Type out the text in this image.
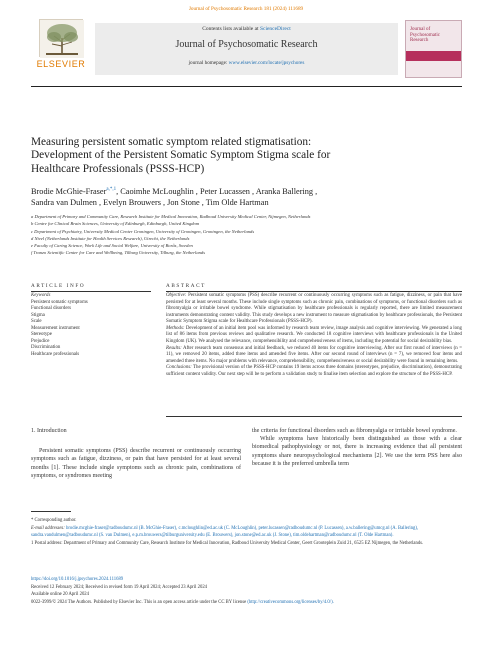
Journal of Psychosomatic Research 181 (2024) 111689
ELSEVIER
Contents lists available at ScienceDirect
Journal of Psychosomatic Research
journal homepage: www.elsevier.com/locate/jpsychores
Journal of Psychosomatic Research
Measuring persistent somatic symptom related stigmatisation:
Development of the Persistent Somatic Symptom Stigma scale for
Healthcare Professionals (PSSS-HCP)
Brodie McGhie-Fraser$^{a,*,1}$, Caoimhe McLoughlin , Peter Lucassen , Aranka Ballering ,
Sandra van Dulmen , Evelyn Brouwers , Jon Stone , Tim Olde Hartman
a Department of Primary and Community Care, Research Institute for Medical Innovation, Radboud University Medical Center, Nijmegen, Netherlands
b Centre for Clinical Brain Sciences, University of Edinburgh, Edinburgh, United Kingdom
c Department of Psychiatry, University Medical Center Groningen, University of Groningen, Groningen, the Netherlands
d Nivel (Netherlands Institute for Health Services Research), Utrecht, the Netherlands
e Faculty of Caring Science, Work Life and Social Welfare, University of Borås, Sweden
f Tranzo Scientific Center for Care and Wellbeing, Tilburg University, Tilburg, the Netherlands
ARTICLE INFO	ABSTRACT
Keywords
Persistent somatic symptoms
Functional disorders
Stigma
Scale
Measurement instrument
Stereotype
Prejudice
Discrimination
Healthcare professionals
Objective: Persistent somatic symptoms (PSS) describe recurrent or continuously occurring symptoms such as fatigue, dizziness, or pain that have persisted for at least several months. These include single symptoms such as chronic pain, combinations of symptoms, or functional disorders such as fibromyalgia or irritable bowel syndrome. While stigmatisation by healthcare professionals is regularly reported, there are limited measurement instruments demonstrating content validity. This study develops a new instrument to measure stigmatisation by healthcare professionals, the Persistent Somatic Symptom Stigma scale for Healthcare Professionals (PSSS-HCP).
Methods: Development of an initial item pool was informed by research team review, image analysis and cognitive interviewing. We generated a long list of 86 items from previous reviews and qualitative research. We conducted 18 cognitive interviews with healthcare professionals in the United Kingdom (UK). We analysed the relevance, comprehensibility and comprehensiveness of items, including the potential for social desirability bias.
Results: After research team consensus and initial feedback, we reduced 40 items for cognitive interviewing. After our first round of interviews (n = 11), we removed 20 items, added three items and amended five items. After our second round of interviews (n = 7), we removed four items and amended three items. No major problems with relevance, comprehensibility, comprehensiveness or social desirability were found in remaining items.
Conclusions: The provisional version of the PSSS-HCP contains 19 items across three domains (stereotypes, prejudice, discrimination), demonstrating sufficient content validity. Our next step will be to perform a validation study to finalise item selection and explore the structure of the PSSS-HCP.
1. Introduction

Persistent somatic symptoms (PSS) describe recurrent or continuously occurring symptoms such as fatigue, dizziness, or pain that have persisted for at least several months [1]. These include single symptoms such as chronic pain, combinations of symptoms, or syndromes meeting

the criteria for functional disorders such as fibromyalgia or irritable bowel syndrome.

While symptoms have historically been distinguished as those with a clear biomedical pathophysiology or not, there is increasing evidence that all persistent symptoms share neuropsychological mechanisms [2]. We use the term PSS here also because it is the preferred umbrella term

* Corresponding author.
E-mail addresses: brodie.mcghie-fraser@radboudumc.nl (B. McGhie-Fraser), c.mcloughlin@ed.ac.uk (C. McLoughlin), peter.lucassen@radboudumc.nl (P. Lucassen), a.w.ballering@umcg.nl (A. Ballering), sandra.vandulmen@radboudumc.nl (S. van Dulmen), e.p.m.brouwers@tilburguniversity.edu (E. Brouwers), jon.stone@ed.ac.uk (J. Stone), tim.oldehartman@radboudumc.nl (T. Olde Hartman).
1 Postal address: Department of Primary and Community Care, Research Institute for Medical Innovation, Radboud University Medical Center, Geert Grooteplein Zuid 21, 6525 EZ Nijmegen, the Netherlands.
https://doi.org/10.1016/j.jpsychores.2024.111689
Received 12 February 2024; Received in revised form 19 April 2024; Accepted 23 April 2024
Available online 20 April 2024
0022-3999/© 2024 The Authors. Published by Elsevier Inc. This is an open access article under the CC BY license (http://creativecommons.org/licenses/by/4.0/).
